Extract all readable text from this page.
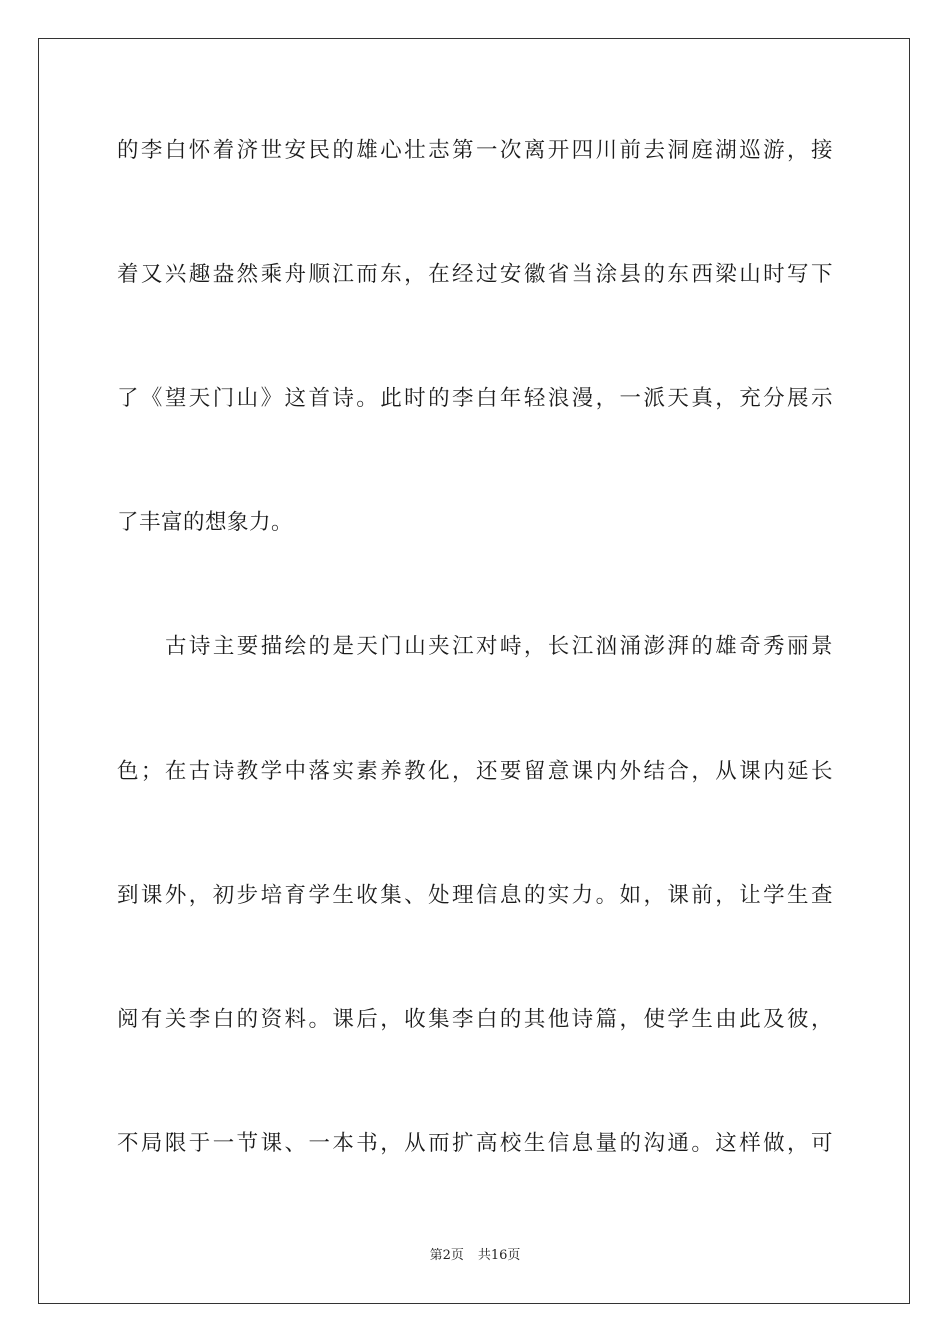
的李白怀着济世安民的雄心壮志第一次离开四川前去洞庭湖巡游，接
着又兴趣盎然乘舟顺江而东，在经过安徽省当涂县的东西梁山时写下
了《望天门山》这首诗。此时的李白年轻浪漫，一派天真，充分展示
了丰富的想象力。
古诗主要描绘的是天门山夹江对峙，长江汹涌澎湃的雄奇秀丽景
色；在古诗教学中落实素养教化，还要留意课内外结合，从课内延长
到课外，初步培育学生收集、处理信息的实力。如，课前，让学生查
阅有关李白的资料。课后，收集李白的其他诗篇，使学生由此及彼，
不局限于一节课、一本书，从而扩高校生信息量的沟通。这样做，可
第2页 共16页
